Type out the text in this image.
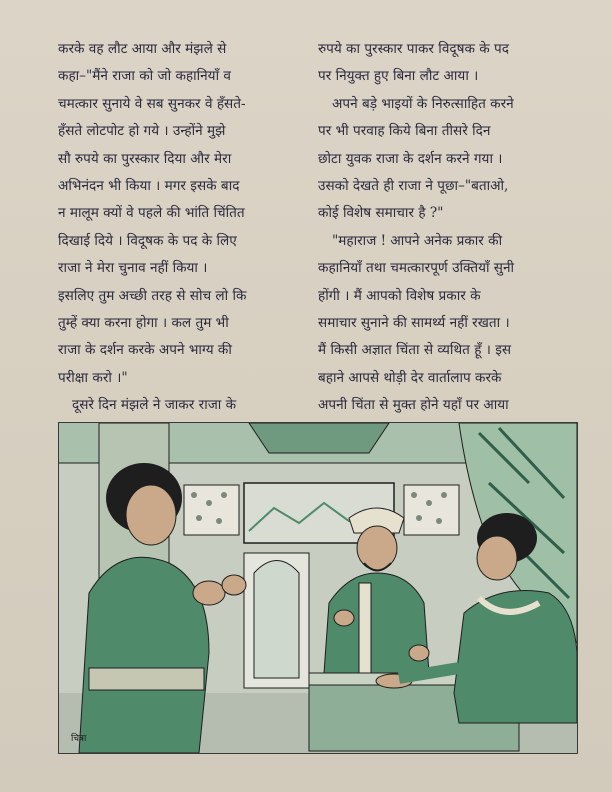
करके वह लौट आया और मंझले से
कहा–"मैंने राजा को जो कहानियाँ व
चमत्कार सुनाये वे सब सुनकर वे हँसते-
हँसते लोटपोट हो गये । उन्होंने मुझे
सौ रुपये का पुरस्कार दिया और मेरा
अभिनंदन भी किया । मगर इसके बाद
न मालूम क्यों वे पहले की भांति चिंतित
दिखाई दिये । विदूषक के पद के लिए
राजा ने मेरा चुनाव नहीं किया ।
इसलिए तुम अच्छी तरह से सोच लो कि
तुम्हें क्या करना होगा । कल तुम भी
राजा के दर्शन करके अपने भाग्य की
परीक्षा करो ।"
दूसरे दिन मंझले ने जाकर राजा के
रुपये का पुरस्कार पाकर विदूषक के पद
पर नियुक्त हुए बिना लौट आया ।
अपने बड़े भाइयों के निरुत्साहित करने
पर भी परवाह किये बिना तीसरे दिन
छोटा युवक राजा के दर्शन करने गया ।
उसको देखते ही राजा ने पूछा–"बताओ,
कोई विशेष समाचार है ?"
"महाराज ! आपने अनेक प्रकार की
कहानियाँ तथा चमत्कारपूर्ण उक्तियाँ सुनी
होंगी । मैं आपको विशेष प्रकार के
समाचार सुनाने की सामर्थ्य नहीं रखता ।
मैं किसी अज्ञात चिंता से व्यथित हूँ । इस
बहाने आपसे थोड़ी देर वार्तालाप करके
अपनी चिंता से मुक्त होने यहाँ पर आया
चित्रा
